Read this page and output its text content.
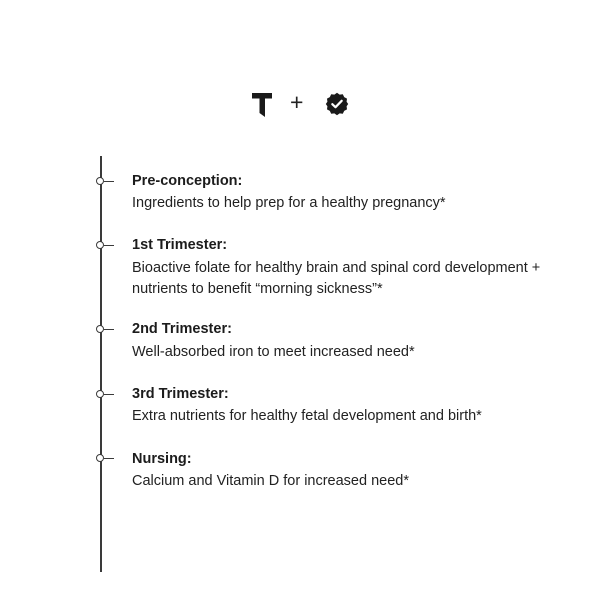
+
Pre-conception:
Ingredients to help prep for a healthy pregnancy*
1st Trimester:
Bioactive folate for healthy brain and spinal cord development + nutrients to benefit “morning sickness”*
2nd Trimester:
Well-absorbed iron to meet increased need*
3rd Trimester:
Extra nutrients for healthy fetal development and birth*
Nursing:
Calcium and Vitamin D for increased need*
